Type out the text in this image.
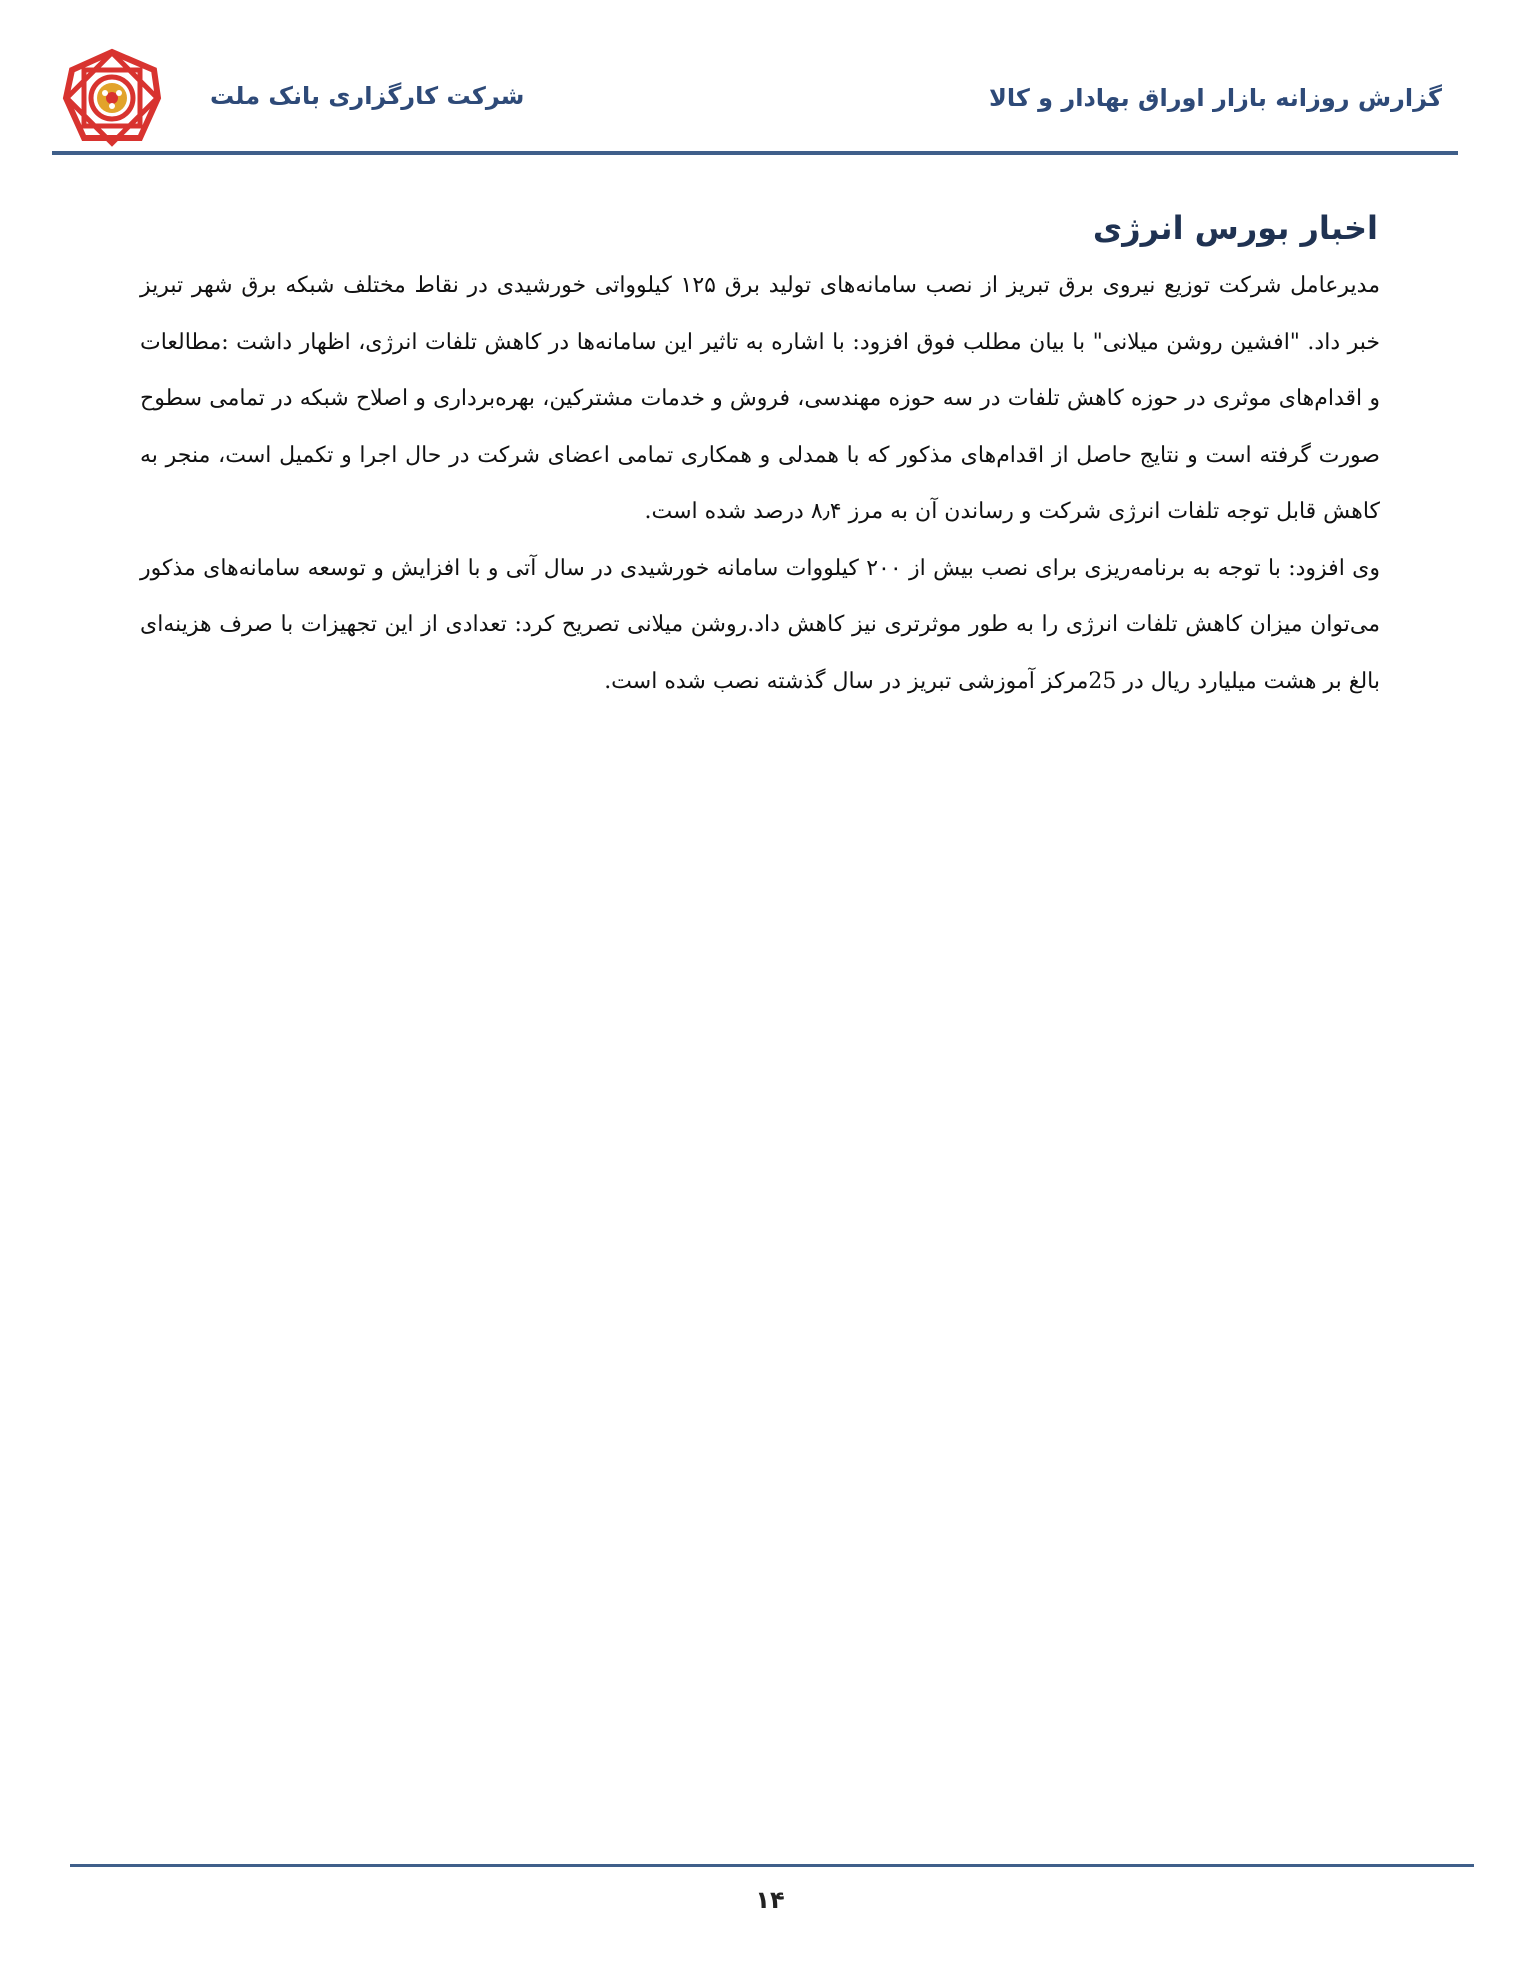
شرکت کارگزاری بانک ملت	گزارش روزانه بازار اوراق بهادار و کالا
اخبار بورس انرژی

مدیرعامل شرکت توزیع نیروی برق تبریز از نصب سامانه‌های تولید برق ۱۲۵ کیلوواتی خورشیدی در نقاط مختلف شبکه برق شهر تبریز خبر داد. "افشین روشن میلانی" با بیان مطلب فوق افزود: با اشاره به تاثیر این سامانه‌ها در کاهش تلفات انرژی، اظهار داشت :مطالعات و اقدام‌های موثری در حوزه کاهش تلفات در سه حوزه مهندسی، فروش و خدمات مشترکین، بهره‌برداری و اصلاح شبکه در تمامی سطوح صورت گرفته است و نتایج حاصل از اقدام‌های مذکور که با همدلی و همکاری تمامی اعضای شرکت در حال اجرا و تکمیل است، منجر به کاهش قابل توجه تلفات انرژی شرکت و رساندن آن به مرز ۸٫۴ درصد شده است.

وی افزود: با توجه به برنامه‌ریزی برای نصب بیش از ۲۰۰ کیلووات سامانه خورشیدی در سال آتی و با افزایش و توسعه سامانه‌های مذکور می‌توان میزان کاهش تلفات انرژی را به طور موثرتری نیز کاهش داد.روشن میلانی تصریح کرد: تعدادی از این تجهیزات با صرف هزینه‌ای بالغ بر هشت میلیارد ریال در 25مرکز آموزشی تبریز در سال گذشته نصب شده است.

۱۴
